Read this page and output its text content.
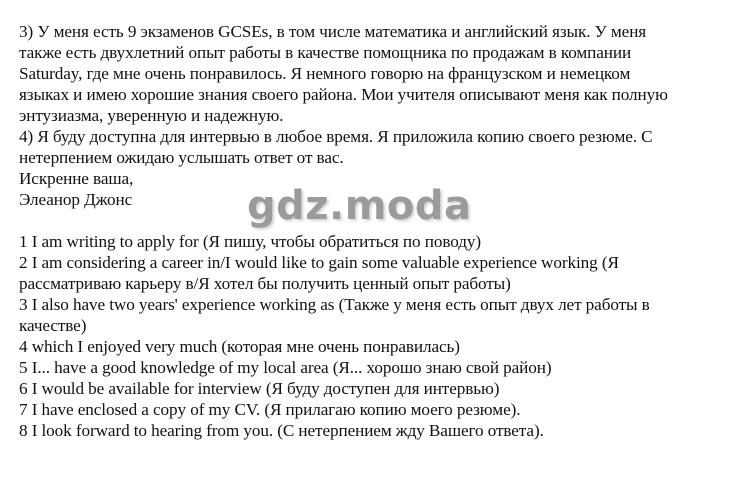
3) У меня есть 9 экзаменов GCSEs, в том числе математика и английский язык. У меня
также есть двухлетний опыт работы в качестве помощника по продажам в компании
Saturday, где мне очень понравилось. Я немного говорю на французском и немецком
языках и имею хорошие знания своего района. Мои учителя описывают меня как полную
энтузиазма, уверенную и надежную.
4) Я буду доступна для интервью в любое время. Я приложила копию своего резюме. С
нетерпением ожидаю услышать ответ от вас.
Искренне ваша,
Элеанор Джонс	gdz.moda
1 I am writing to apply for (Я пишу, чтобы обратиться по поводу)
2 I am considering a career in/I would like to gain some valuable experience working (Я
рассматриваю карьеру в/Я хотел бы получить ценный опыт работы)
3 I also have two years' experience working as (Также у меня есть опыт двух лет работы в
качестве)
4 which I enjoyed very much (которая мне очень понравилась)
5 I... have a good knowledge of my local area (Я... хорошо знаю свой район)
6 I would be available for interview (Я буду доступен для интервью)
7 I have enclosed a copy of my CV. (Я прилагаю копию моего резюме).
8 I look forward to hearing from you. (С нетерпением жду Вашего ответа).
